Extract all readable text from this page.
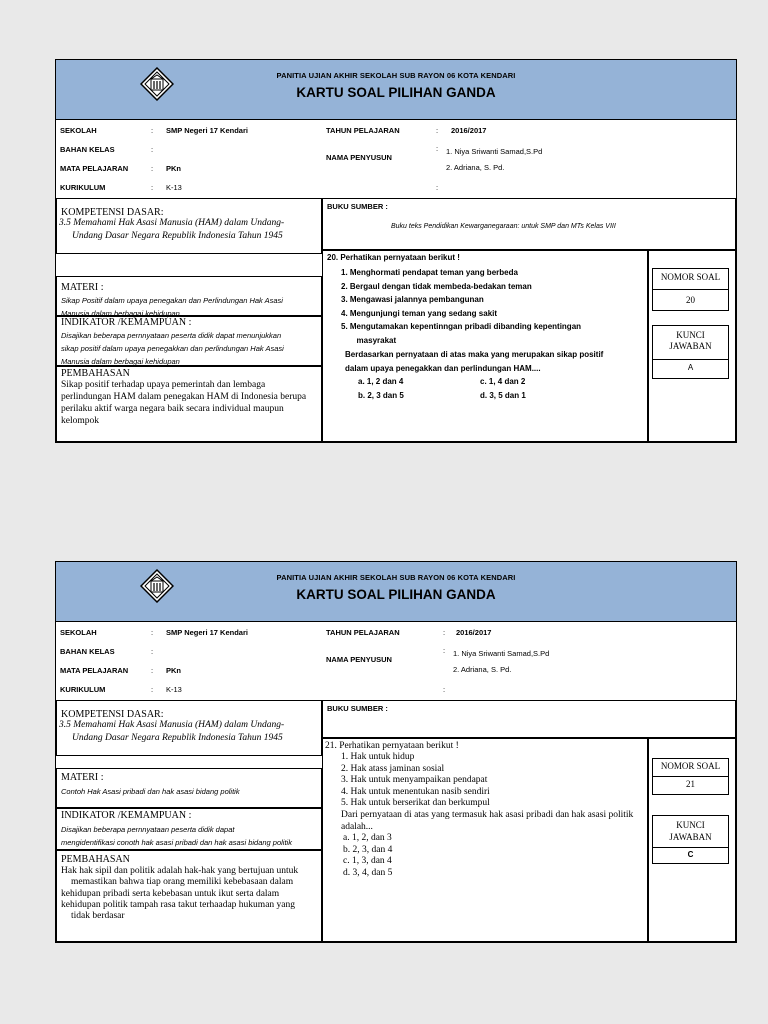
PANITIA UJIAN AKHIR SEKOLAH SUB RAYON 06 KOTA KENDARI
KARTU SOAL PILIHAN GANDA
SEKOLAH	: SMP Negeri 17 Kendari
BAHAN KELAS	:
MATA PELAJARAN	: PKn
KURIKULUM	: K-13
TAHUN PELAJARAN	: 2016/2017
NAMA PENYUSUN
: 1. Niya Sriwanti Samad,S.Pd
2. Adriana, S. Pd.
:
KOMPETENSI DASAR:
3.5 Memahami Hak Asasi Manusia (HAM) dalam Undang-
Undang Dasar Negara Republik Indonesia Tahun 1945
BUKU SUMBER :
Buku teks Pendidikan Kewarganegaraan: untuk SMP dan MTs Kelas VIII
MATERI :
Sikap Positif dalam upaya penegakan dan Perlindungan Hak Asasi
Manusia dalam berbagai kehidupan
INDIKATOR /KEMAMPUAN :
Disajikan beberapa pernnyataan peserta didik dapat menunjukkan
sikap positif dalam upaya penegakkan dan perlindungan Hak Asasi
Manusia dalam berbagai kehidupan
PEMBAHASAN
Sikap positif terhadap upaya pemerintah dan lembaga
perlindungan HAM dalam penegakan HAM di Indonesia berupa
perilaku aktif warga negara baik secara individual maupun
kelompok
20. Perhatikan pernyataan berikut !
1. Menghormati pendapat teman yang berbeda
2. Bergaul dengan tidak membeda-bedakan teman
3. Mengawasi jalannya pembangunan
4. Mengunjungi teman yang sedang sakit
5. Mengutamakan kepentinngan pribadi dibanding kepentingan
masyrakat
Berdasarkan pernyataan di atas maka yang merupakan sikap positif
dalam upaya penegakkan dan perlindungan HAM....
a. 1, 2 dan 4
b. 2, 3 dan 5
c. 1, 4 dan 2
d. 3, 5 dan 1
NOMOR SOAL
20
KUNCI
JAWABAN
A
PANITIA UJIAN AKHIR SEKOLAH SUB RAYON 06 KOTA KENDARI
KARTU SOAL PILIHAN GANDA
SEKOLAH	: SMP Negeri 17 Kendari
BAHAN KELAS	:
MATA PELAJARAN	: PKn
KURIKULUM	: K-13
TAHUN PELAJARAN	: 2016/2017
NAMA PENYUSUN
: 1. Niya Sriwanti Samad,S.Pd
2. Adriana, S. Pd.
:
KOMPETENSI DASAR:
3.5 Memahami Hak Asasi Manusia (HAM) dalam Undang-
Undang Dasar Negara Republik Indonesia Tahun 1945
BUKU SUMBER :
MATERI :
Contoh Hak Asasi pribadi dan hak asasi bidang politik
INDIKATOR /KEMAMPUAN :
Disajikan beberapa pernnyataan peserta didik dapat
mengidentifikasi conoth hak asasi pribadi dan hak asasi bidang politik
PEMBAHASAN
Hak hak sipil dan politik adalah hak-hak yang bertujuan untuk
memastikan bahwa tiap orang memiliki kebebasaan dalam
kehidupan pribadi serta kebebasan untuk ikut serta dalam
kehidupan politik tampah rasa takut terhaadap hukuman yang
tidak berdasar
21. Perhatikan pernyataan berikut !
1. Hak untuk hidup
2. Hak atass jaminan sosial
3. Hak untuk menyampaikan pendapat
4. Hak untuk menentukan nasib sendiri
5. Hak untuk berserikat dan berkumpul
Dari pernyataan di atas yang termasuk hak asasi pribadi dan hak asasi politik
adalah...
a. 1, 2, dan 3
b. 2, 3, dan 4
c. 1, 3, dan 4
d. 3, 4, dan 5
NOMOR SOAL
21
KUNCI
JAWABAN
C
